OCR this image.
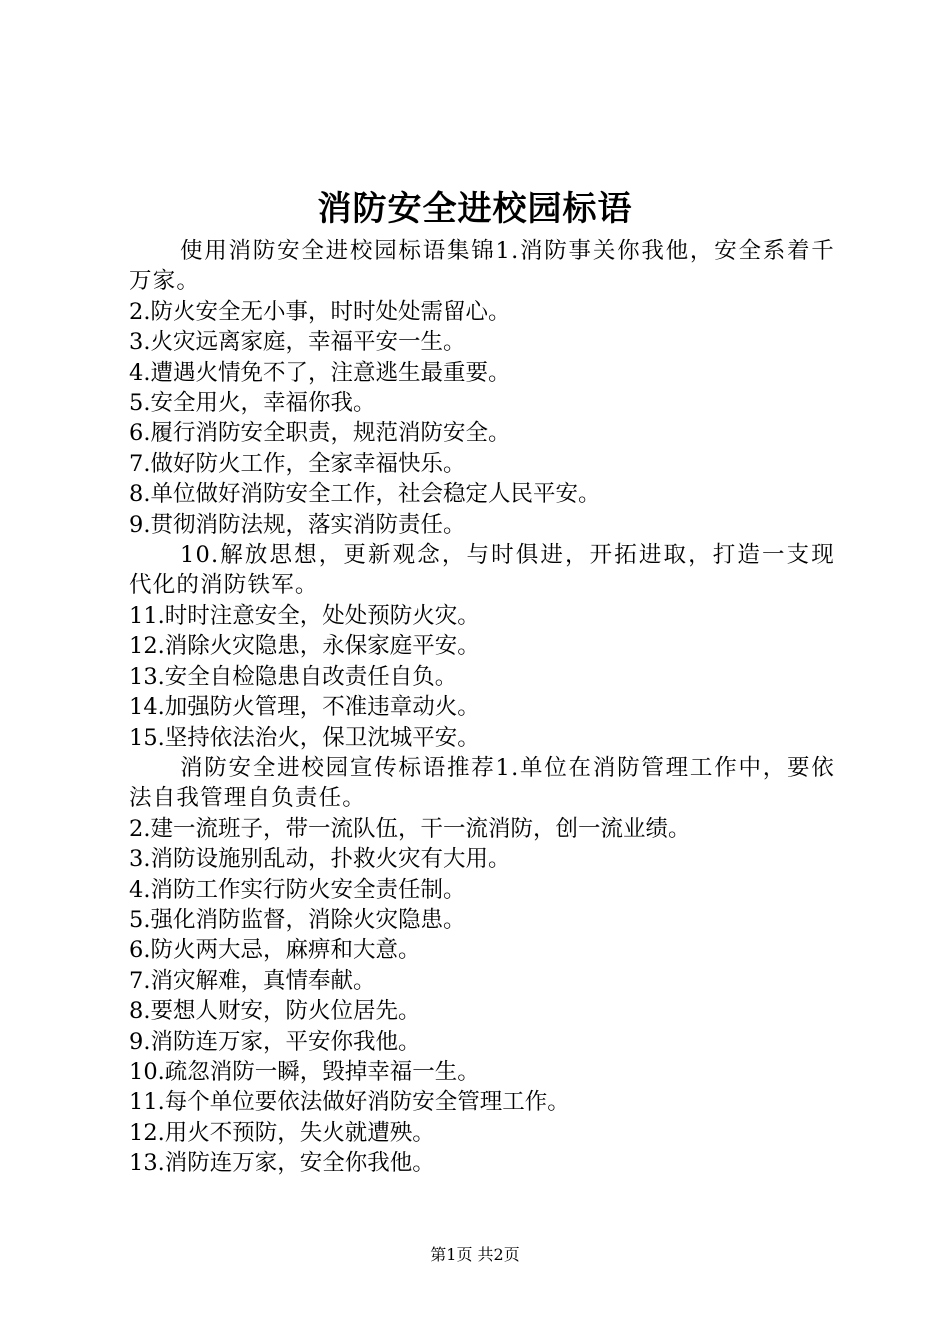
消防安全进校园标语

使用消防安全进校园标语集锦1.消防事关你我他，安全系着千万家。

2.防火安全无小事，时时处处需留心。

3.火灾远离家庭，幸福平安一生。

4.遭遇火情免不了，注意逃生最重要。

5.安全用火，幸福你我。

6.履行消防安全职责，规范消防安全。

7.做好防火工作，全家幸福快乐。

8.单位做好消防安全工作，社会稳定人民平安。

9.贯彻消防法规，落实消防责任。

10.解放思想，更新观念，与时俱进，开拓进取，打造一支现代化的消防铁军。

11.时时注意安全，处处预防火灾。

12.消除火灾隐患，永保家庭平安。

13.安全自检隐患自改责任自负。

14.加强防火管理，不准违章动火。

15.坚持依法治火，保卫沈城平安。

消防安全进校园宣传标语推荐1.单位在消防管理工作中，要依法自我管理自负责任。

2.建一流班子，带一流队伍，干一流消防，创一流业绩。

3.消防设施别乱动，扑救火灾有大用。

4.消防工作实行防火安全责任制。

5.强化消防监督，消除火灾隐患。

6.防火两大忌，麻痹和大意。

7.消灾解难，真情奉献。

8.要想人财安，防火位居先。

9.消防连万家，平安你我他。

10.疏忽消防一瞬，毁掉幸福一生。

11.每个单位要依法做好消防安全管理工作。

12.用火不预防，失火就遭殃。

13.消防连万家，安全你我他。

第1页 共2页
